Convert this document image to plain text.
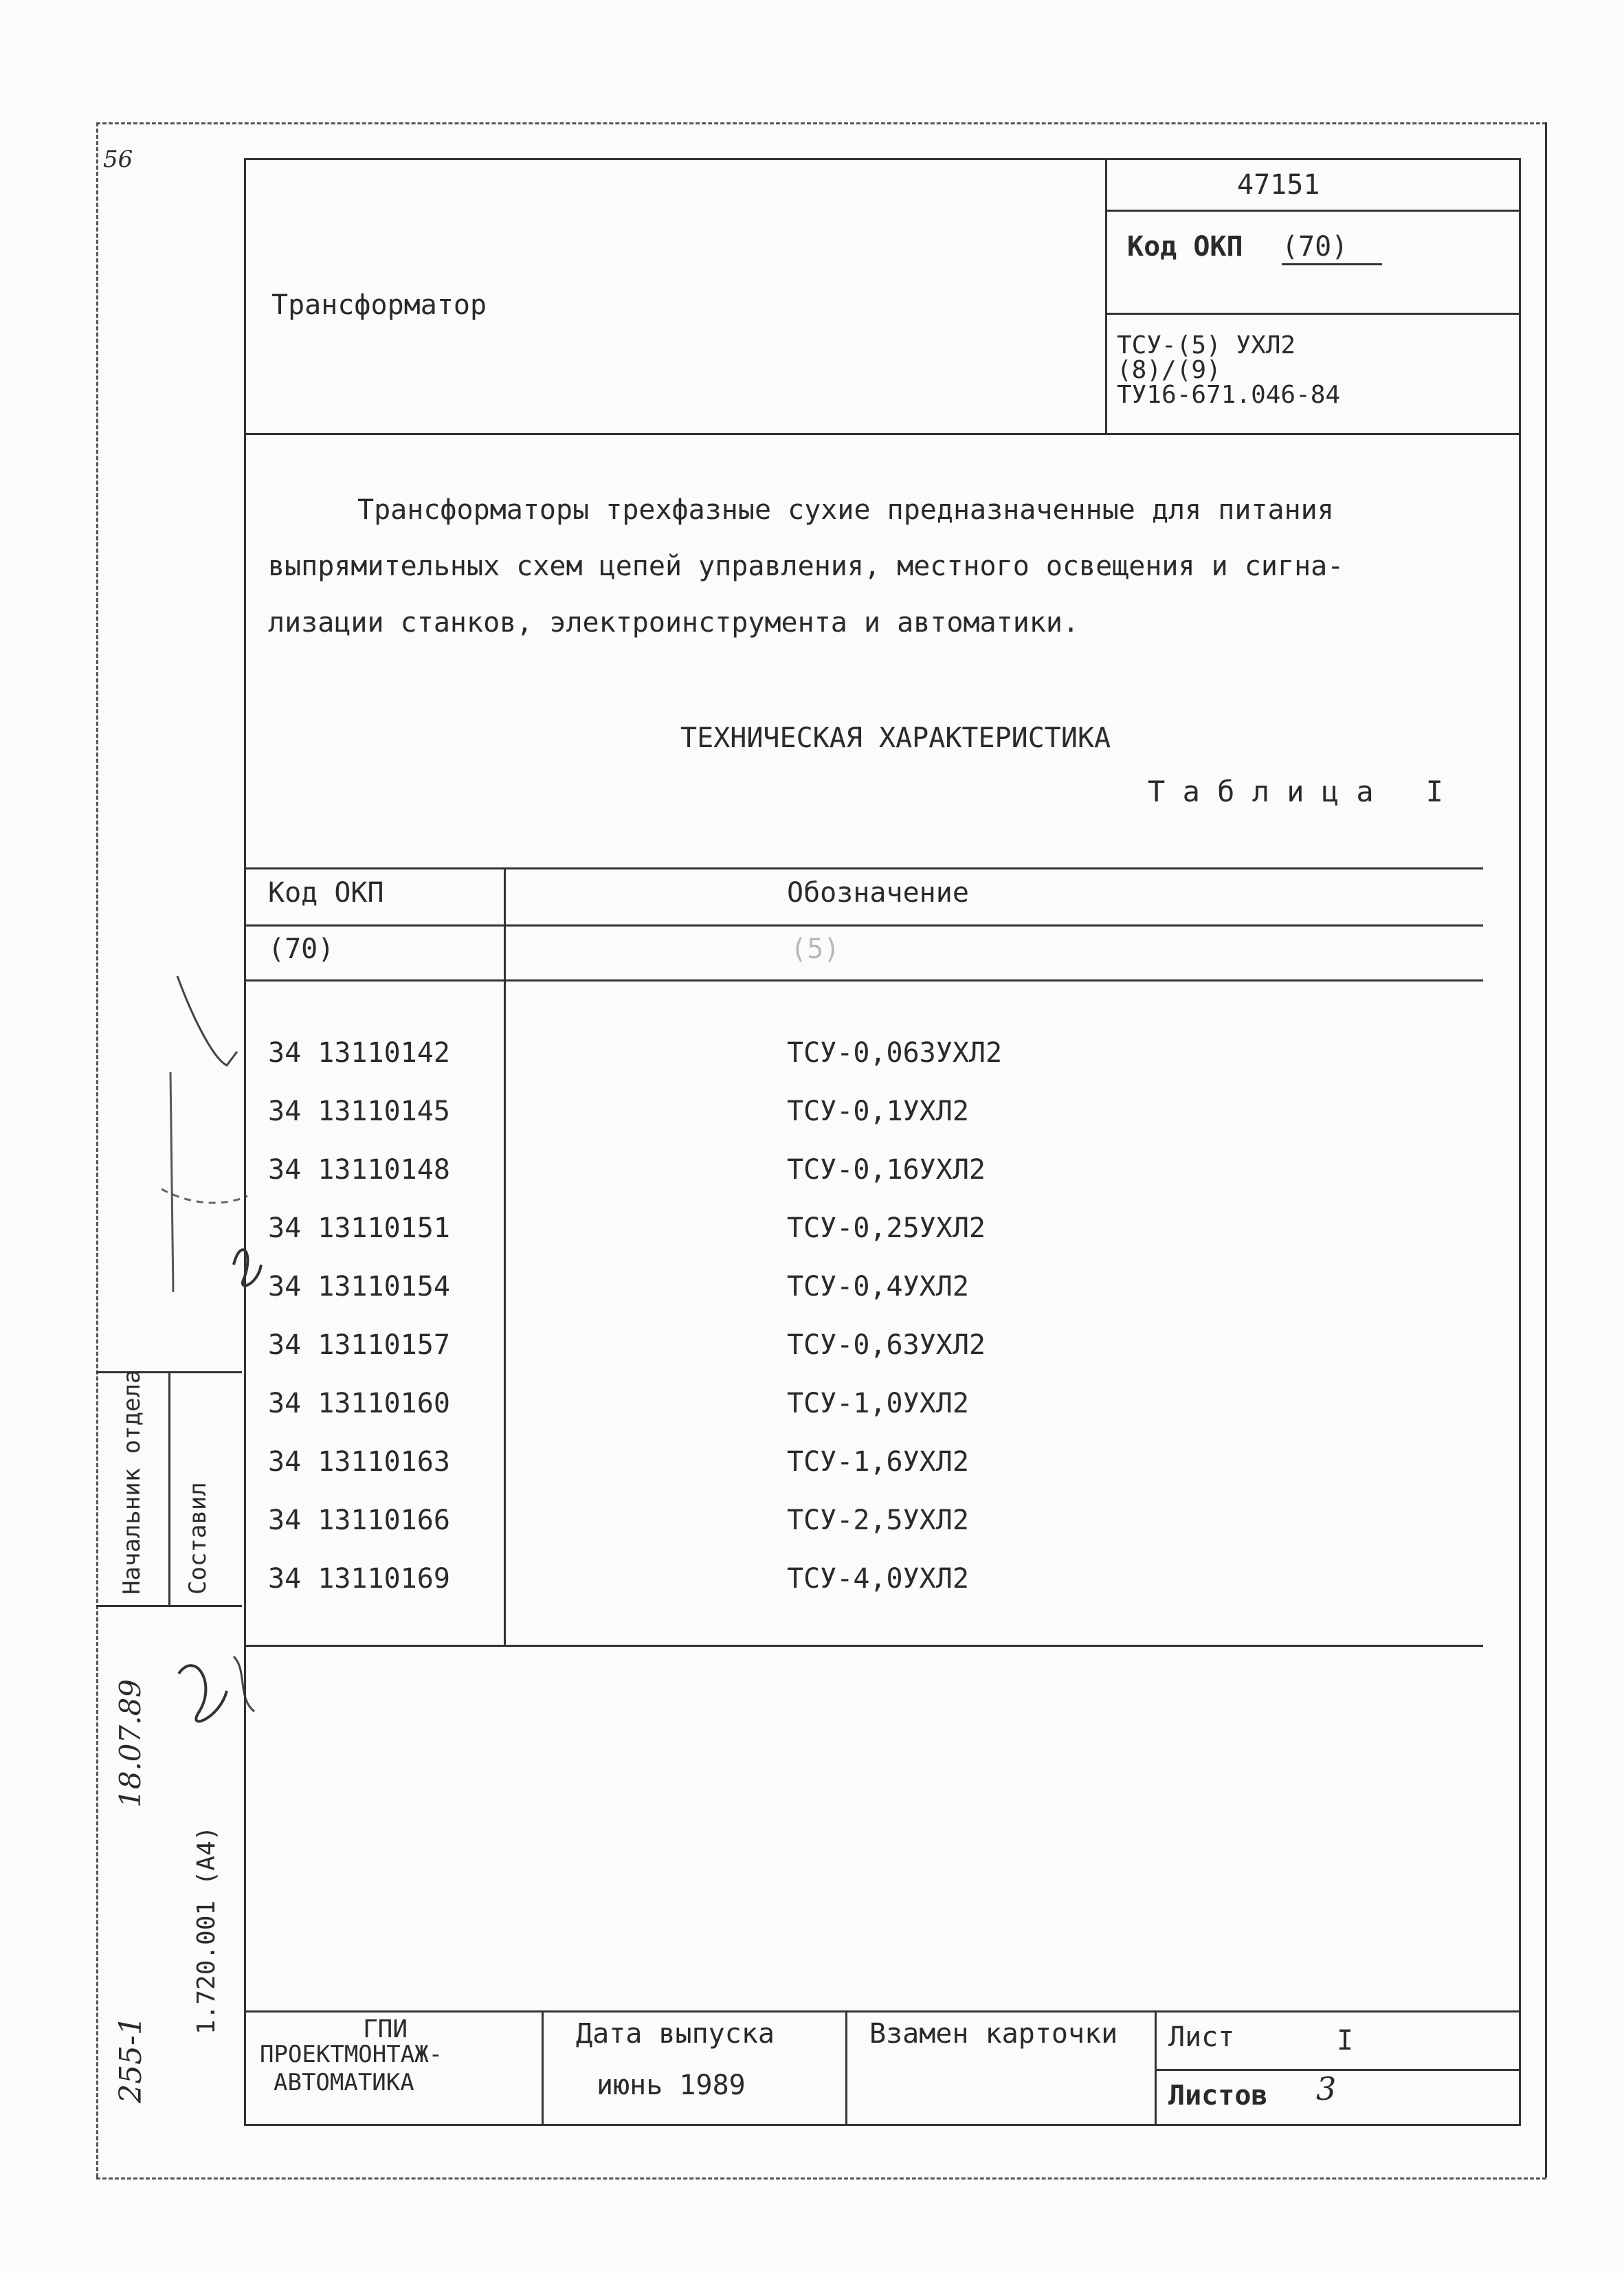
56
Начальник отдела Составил
18.07.89
1.720.001 (A4)
255-1
Трансформатор
47151
Код ОКП (70)
ТСУ-(5) УХЛ2
(8)/(9)
ТУ16-671.046-84
Трансформаторы трехфазные сухие предназначенные для питания
выпрямительных схем цепей управления, местного освещения и сигна-
лизации станков, электроинструмента и автоматики.
ТЕХНИЧЕСКАЯ ХАРАКТЕРИСТИКА
Т а б л и ц а   I
Код ОКП	Обозначение
(70)	(5)
34 13110142	ТСУ-0,063УХЛ2
34 13110145	ТСУ-0,1УХЛ2
34 13110148	ТСУ-0,16УХЛ2
34 13110151	ТСУ-0,25УХЛ2
34 13110154	ТСУ-0,4УХЛ2
34 13110157	ТСУ-0,63УХЛ2
34 13110160	ТСУ-1,0УХЛ2
34 13110163	ТСУ-1,6УХЛ2
34 13110166	ТСУ-2,5УХЛ2
34 13110169	ТСУ-4,0УХЛ2
ГПИ
ПРОЕКТМОНТАЖ-
АВТОМАТИКА
Дата выпуска
июнь 1989
Взамен карточки Лист	I
Листов 3
